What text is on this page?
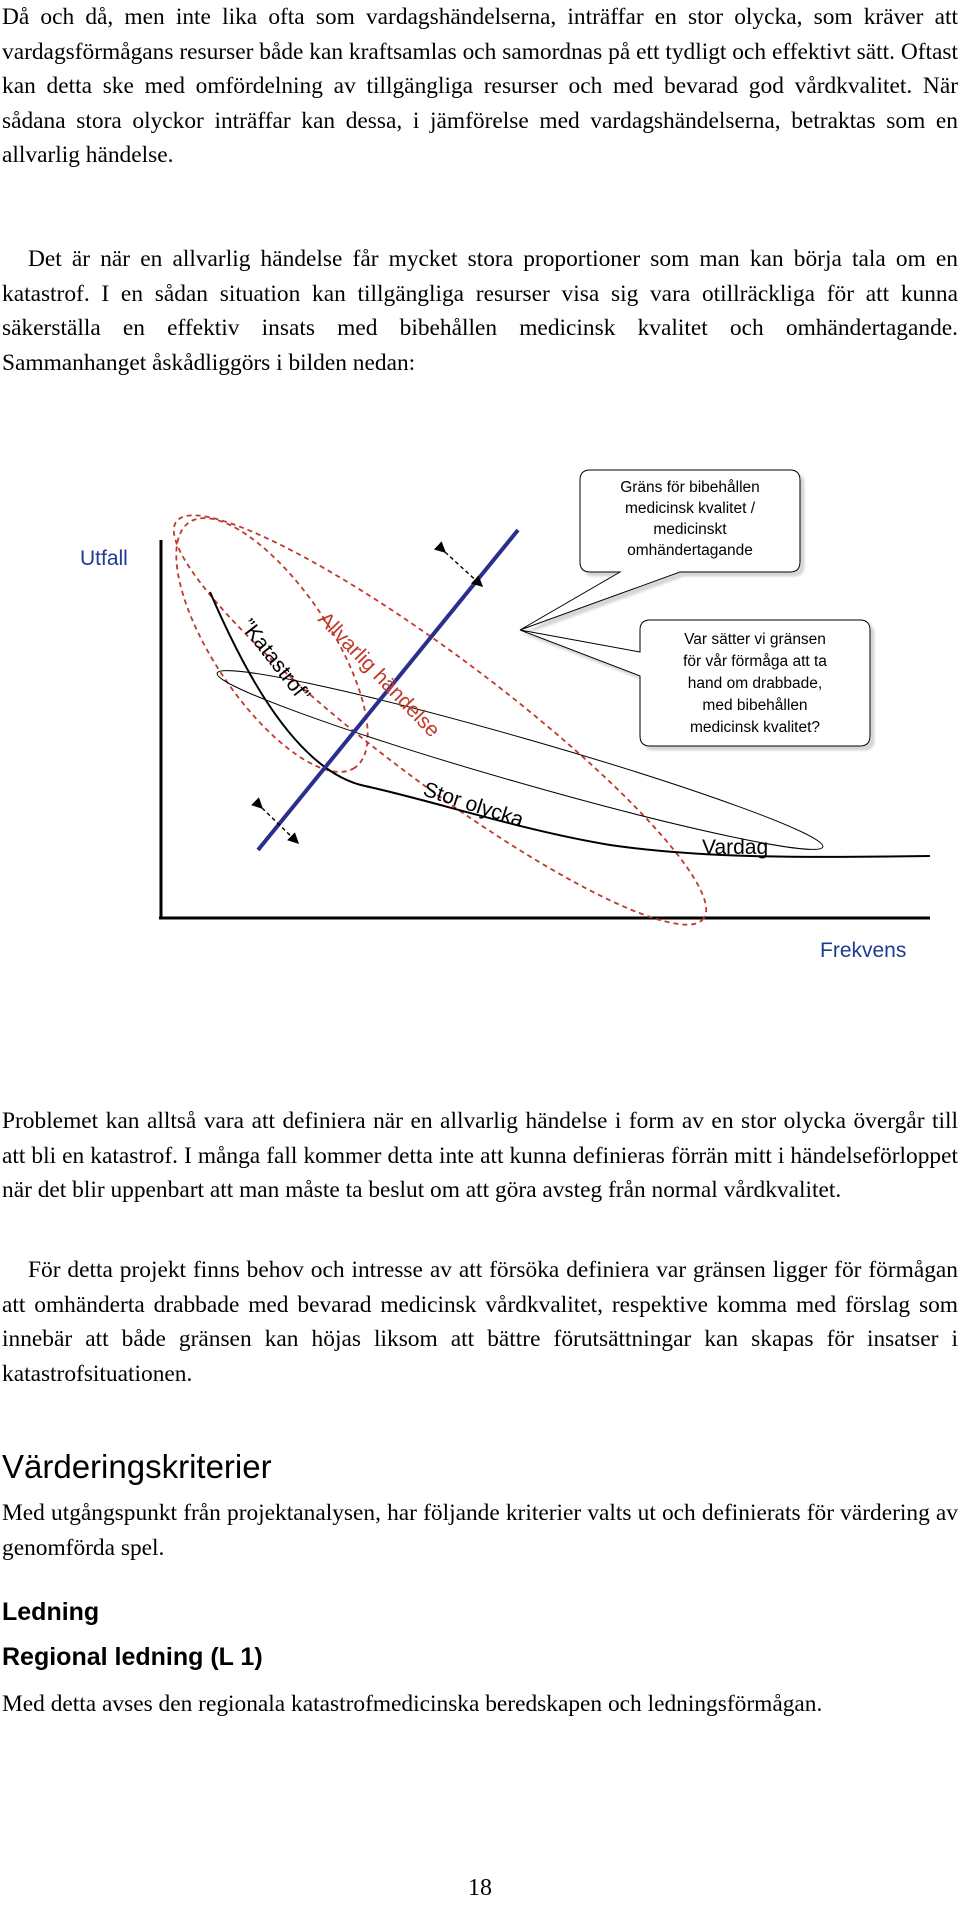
Då och då, men inte lika ofta som vardagshändelserna, inträffar en stor olycka, som kräver att vardagsförmågans resurser både kan kraftsamlas och samordnas på ett tydligt och effektivt sätt. Oftast kan detta ske med omfördelning av tillgängliga resurser och med bevarad god vårdkvalitet. När sådana stora olyckor inträffar kan dessa, i jämförelse med vardagshändelserna, betraktas som en allvarlig händelse.

Det är när en allvarlig händelse får mycket stora proportioner som man kan börja tala om en katastrof. I en sådan situation kan tillgängliga resurser visa sig vara otillräckliga för att kunna säkerställa en effektiv insats med bibehållen medicinsk kvalitet och omhändertagande. Sammanhanget åskådliggörs i bilden nedan:

Utfall
Frekvens
”Katastrof”
Allvarlig händelse
Stor olycka
Vardag
Gräns för bibehållen
medicinsk kvalitet /
medicinskt
omhändertagande
Var sätter vi gränsen
för vår förmåga att ta
hand om drabbade,
med bibehållen
medicinsk kvalitet?

Problemet kan alltså vara att definiera när en allvarlig händelse i form av en stor olycka övergår till att bli en katastrof. I många fall kommer detta inte att kunna definieras förrän mitt i händelseförloppet när det blir uppenbart att man måste ta beslut om att göra avsteg från normal vårdkvalitet.

För detta projekt finns behov och intresse av att försöka definiera var gränsen ligger för förmågan att omhänderta drabbade med bevarad medicinsk vårdkvalitet, respektive komma med förslag som innebär att både gränsen kan höjas liksom att bättre förutsättningar kan skapas för insatser i katastrofsituationen.

Värderingskriterier

Med utgångspunkt från projektanalysen, har följande kriterier valts ut och definierats för värdering av genomförda spel.

Ledning
Regional ledning (L 1)

Med detta avses den regionala katastrofmedicinska beredskapen och ledningsförmågan.

18
